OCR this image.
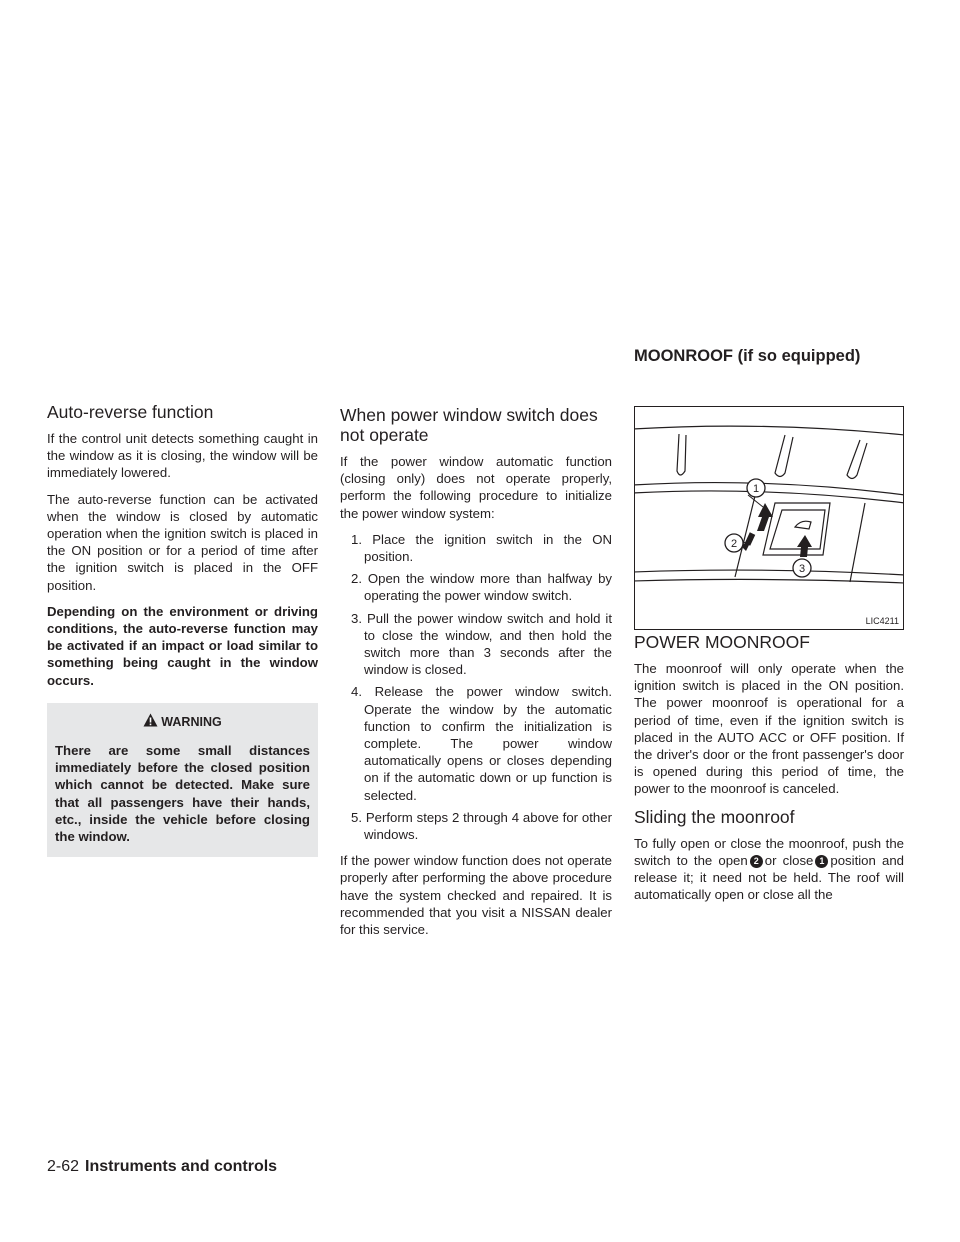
MOONROOF (if so equipped)
Auto-reverse function

If the control unit detects something caught in the window as it is closing, the window will be immediately lowered.

The auto-reverse function can be activated when the window is closed by automatic operation when the ignition switch is placed in the ON position or for a period of time after the ignition switch is placed in the OFF position.

Depending on the environment or driving conditions, the auto-reverse function may be activated if an impact or load similar to something being caught in the window occurs.

WARNING
There are some small distances immediately before the closed position which cannot be detected. Make sure that all passengers have their hands, etc., inside the vehicle before closing the window.
When power window switch does not operate

If the power window automatic function (closing only) does not operate properly, perform the following procedure to initialize the power window system:

1. Place the ignition switch in the ON position.
2. Open the window more than halfway by operating the power window switch.
3. Pull the power window switch and hold it to close the window, and then hold the switch more than 3 seconds after the window is closed.
4. Release the power window switch. Operate the window by the automatic function to confirm the initialization is complete. The power window automatically opens or closes depending on if the automatic down or up function is selected.
5. Perform steps 2 through 4 above for other windows.

If the power window function does not operate properly after performing the above procedure have the system checked and repaired. It is recommended that you visit a NISSAN dealer for this service.

1
2
3
LIC4211
POWER MOONROOF

The moonroof will only operate when the ignition switch is placed in the ON position. The power moonroof is operational for a period of time, even if the ignition switch is placed in the AUTO ACC or OFF position. If the driver's door or the front passenger's door is opened during this period of time, the power to the moonroof is canceled.

Sliding the moonroof

To fully open or close the moonroof, push the switch to the open 2 or close 1 position and release it; it need not be held. The roof will automatically open or close all the

2-62 Instruments and controls
